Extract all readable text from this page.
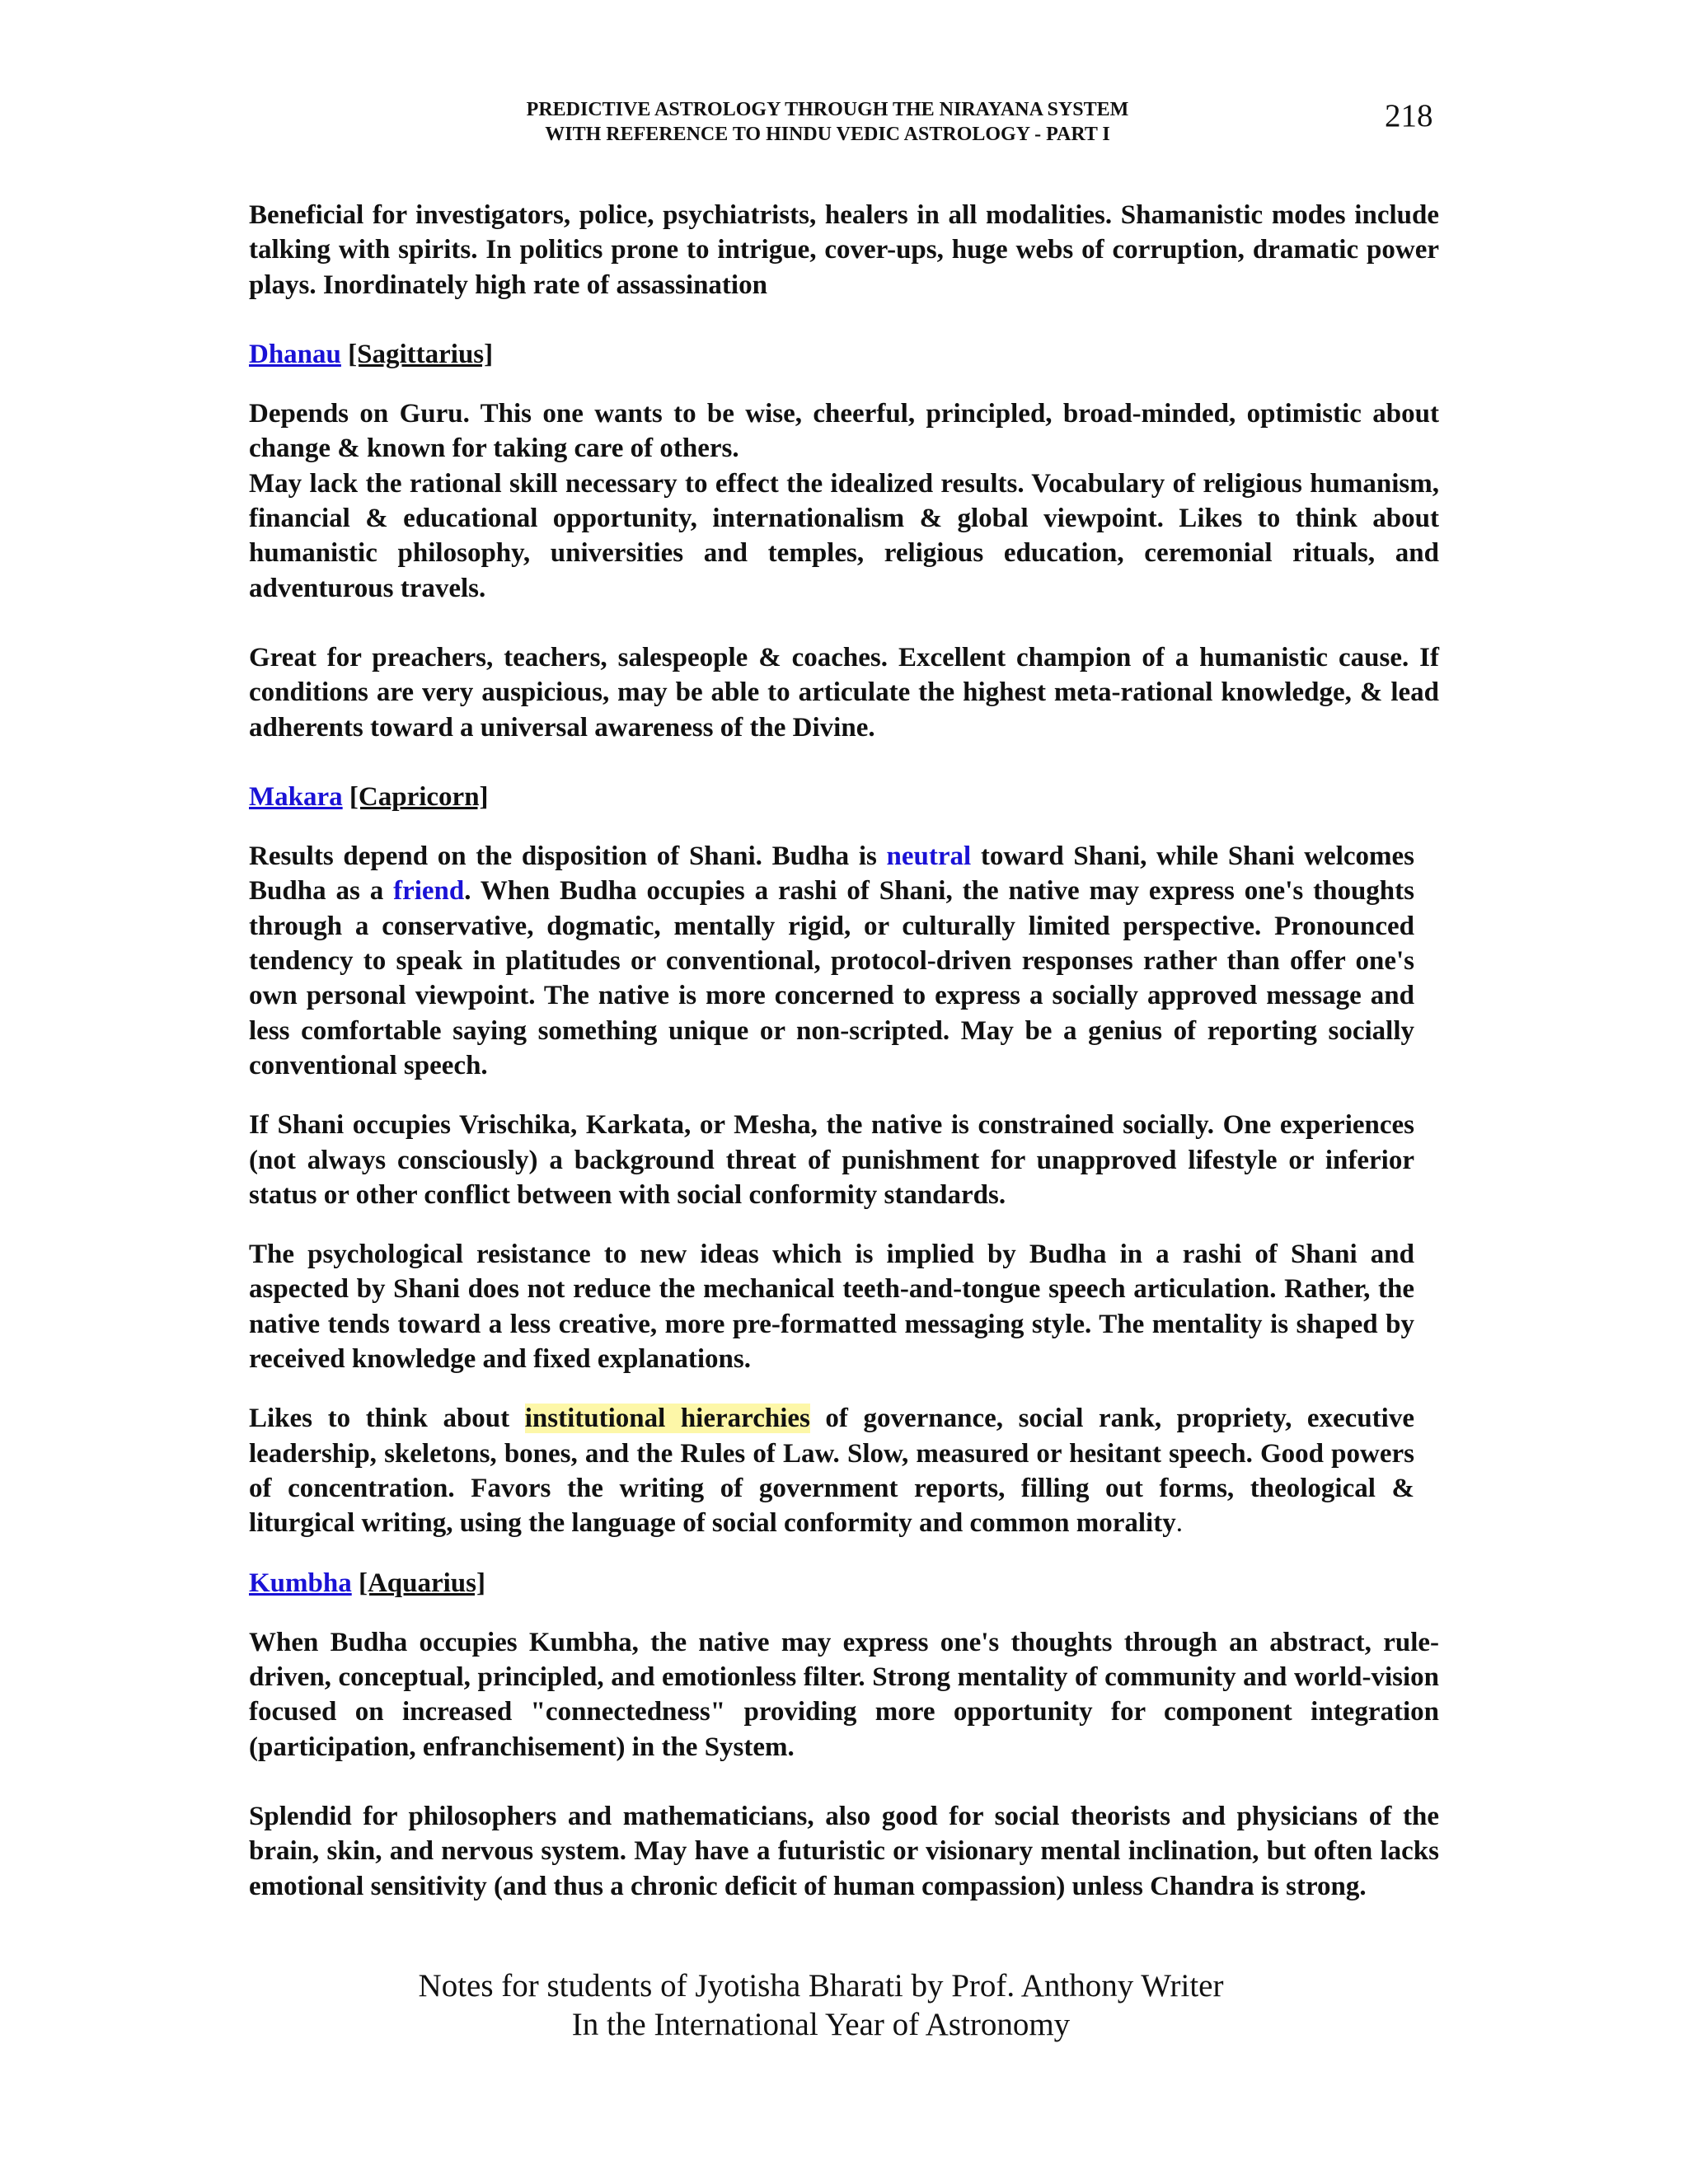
PREDICTIVE ASTROLOGY THROUGH THE NIRAYANA SYSTEM
WITH REFERENCE TO HINDU VEDIC ASTROLOGY - PART I
218

Beneficial for investigators, police, psychiatrists, healers in all modalities. Shamanistic modes include talking with spirits. In politics prone to intrigue, cover-ups, huge webs of corruption, dramatic power plays. Inordinately high rate of assassination

Dhanau [Sagittarius]

Depends on Guru. This one wants to be wise, cheerful, principled, broad-minded, optimistic about change & known for taking care of others.

May lack the rational skill necessary to effect the idealized results. Vocabulary of religious humanism, financial & educational opportunity, internationalism & global viewpoint. Likes to think about humanistic philosophy, universities and temples, religious education, ceremonial rituals, and adventurous travels.

Great for preachers, teachers, salespeople & coaches. Excellent champion of a humanistic cause. If conditions are very auspicious, may be able to articulate the highest meta-rational knowledge, & lead adherents toward a universal awareness of the Divine.

Makara [Capricorn]

Results depend on the disposition of Shani. Budha is neutral toward Shani, while Shani welcomes Budha as a friend. When Budha occupies a rashi of Shani, the native may express one's thoughts through a conservative, dogmatic, mentally rigid, or culturally limited perspective. Pronounced tendency to speak in platitudes or conventional, protocol-driven responses rather than offer one's own personal viewpoint. The native is more concerned to express a socially approved message and less comfortable saying something unique or non-scripted. May be a genius of reporting socially conventional speech.

If Shani occupies Vrischika, Karkata, or Mesha, the native is constrained socially. One experiences (not always consciously) a background threat of punishment for unapproved lifestyle or inferior status or other conflict between with social conformity standards.

The psychological resistance to new ideas which is implied by Budha in a rashi of Shani and aspected by Shani does not reduce the mechanical teeth-and-tongue speech articulation. Rather, the native tends toward a less creative, more pre-formatted messaging style. The mentality is shaped by received knowledge and fixed explanations.

Likes to think about institutional hierarchies of governance, social rank, propriety, executive leadership, skeletons, bones, and the Rules of Law. Slow, measured or hesitant speech. Good powers of concentration. Favors the writing of government reports, filling out forms, theological & liturgical writing, using the language of social conformity and common morality.

Kumbha [Aquarius]

When Budha occupies Kumbha, the native may express one's thoughts through an abstract, rule-driven, conceptual, principled, and emotionless filter. Strong mentality of community and world-vision focused on increased "connectedness" providing more opportunity for component integration (participation, enfranchisement) in the System.

Splendid for philosophers and mathematicians, also good for social theorists and physicians of the brain, skin, and nervous system. May have a futuristic or visionary mental inclination, but often lacks emotional sensitivity (and thus a chronic deficit of human compassion) unless Chandra is strong.

Notes for students of Jyotisha Bharati by Prof. Anthony Writer
In the International Year of Astronomy
